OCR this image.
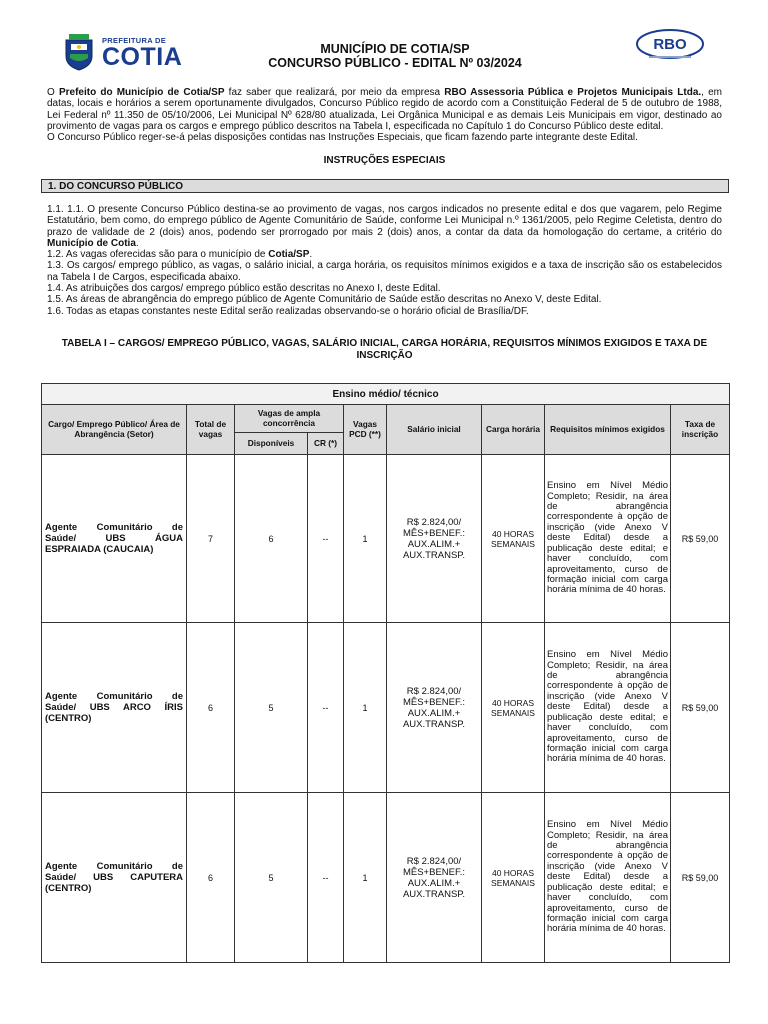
PREFEITURA DE
COTIA	MUNICÍPIO DE COTIA/SP
CONCURSO PÚBLICO - EDITAL Nº 03/2024
RBO
O Prefeito do Município de Cotia/SP faz saber que realizará, por meio da empresa RBO Assessoria Pública e Projetos Municipais Ltda., em datas, locais e horários a serem oportunamente divulgados, Concurso Público regido de acordo com a Constituição Federal de 5 de outubro de 1988, Lei Federal nº 11.350 de 05/10/2006, Lei Municipal Nº 628/80 atualizada, Lei Orgânica Municipal e as demais Leis Municipais em vigor, destinado ao provimento de vagas para os cargos e emprego público descritos na Tabela I, especificada no Capítulo 1 do Concurso Público deste edital.
O Concurso Público reger-se-á pelas disposições contidas nas Instruções Especiais, que ficam fazendo parte integrante deste Edital.
INSTRUÇÕES ESPECIAIS
1. DO CONCURSO PÚBLICO

1.1. 1.1. O presente Concurso Público destina-se ao provimento de vagas, nos cargos indicados no presente edital e dos que vagarem, pelo Regime Estatutário, bem como, do emprego público de Agente Comunitário de Saúde, conforme Lei Municipal n.º 1361/2005, pelo Regime Celetista, dentro do prazo de validade de 2 (dois) anos, podendo ser prorrogado por mais 2 (dois) anos, a contar da data da homologação do certame, a critério do Município de Cotia.

1.2. As vagas oferecidas são para o município de Cotia/SP.

1.3. Os cargos/ emprego público, as vagas, o salário inicial, a carga horária, os requisitos mínimos exigidos e a taxa de inscrição são os estabelecidos na Tabela I de Cargos, especificada abaixo.

1.4. As atribuições dos cargos/ emprego público estão descritas no Anexo I, deste Edital.

1.5. As áreas de abrangência do emprego público de Agente Comunitário de Saúde estão descritas no Anexo V, deste Edital.

1.6. Todas as etapas constantes neste Edital serão realizadas observando-se o horário oficial de Brasília/DF.

TABELA I – CARGOS/ EMPREGO PÚBLICO, VAGAS, SALÁRIO INICIAL, CARGA HORÁRIA, REQUISITOS MÍNIMOS EXIGIDOS E TAXA DE INSCRIÇÃO
Ensino médio/ técnico								
Cargo/ Emprego Público/ Área de Abrangência (Setor)	Total de vagas	Vagas de ampla concorrência		Vagas PCD (**)	Salário inicial	Carga horária	Requisitos mínimos exigidos	Taxa de inscrição
		Disponíveis	CR (*)					
Agente Comunitário de Saúde/ UBS ÁGUA ESPRAIADA (CAUCAIA)	7	6	--	1	R$ 2.824,00/ MÊS+BENEF.: AUX.ALIM.+ AUX.TRANSP.	40 HORAS SEMANAIS	Ensino em Nível Médio Completo; Residir, na área de abrangência correspondente à opção de inscrição (vide Anexo V deste Edital) desde a publicação deste edital; e haver concluído, com aproveitamento, curso de formação inicial com carga horária mínima de 40 horas.	R$ 59,00
Agente Comunitário de Saúde/ UBS ARCO ÍRIS (CENTRO)	6	5	--	1	R$ 2.824,00/ MÊS+BENEF.: AUX.ALIM.+ AUX.TRANSP.	40 HORAS SEMANAIS	Ensino em Nível Médio Completo; Residir, na área de abrangência correspondente à opção de inscrição (vide Anexo V deste Edital) desde a publicação deste edital; e haver concluído, com aproveitamento, curso de formação inicial com carga horária mínima de 40 horas.	R$ 59,00
Agente Comunitário de Saúde/ UBS CAPUTERA (CENTRO)	6	5	--	1	R$ 2.824,00/ MÊS+BENEF.: AUX.ALIM.+ AUX.TRANSP.	40 HORAS SEMANAIS	Ensino em Nível Médio Completo; Residir, na área de abrangência correspondente à opção de inscrição (vide Anexo V deste Edital) desde a publicação deste edital; e haver concluído, com aproveitamento, curso de formação inicial com carga horária mínima de 40 horas.	R$ 59,00
